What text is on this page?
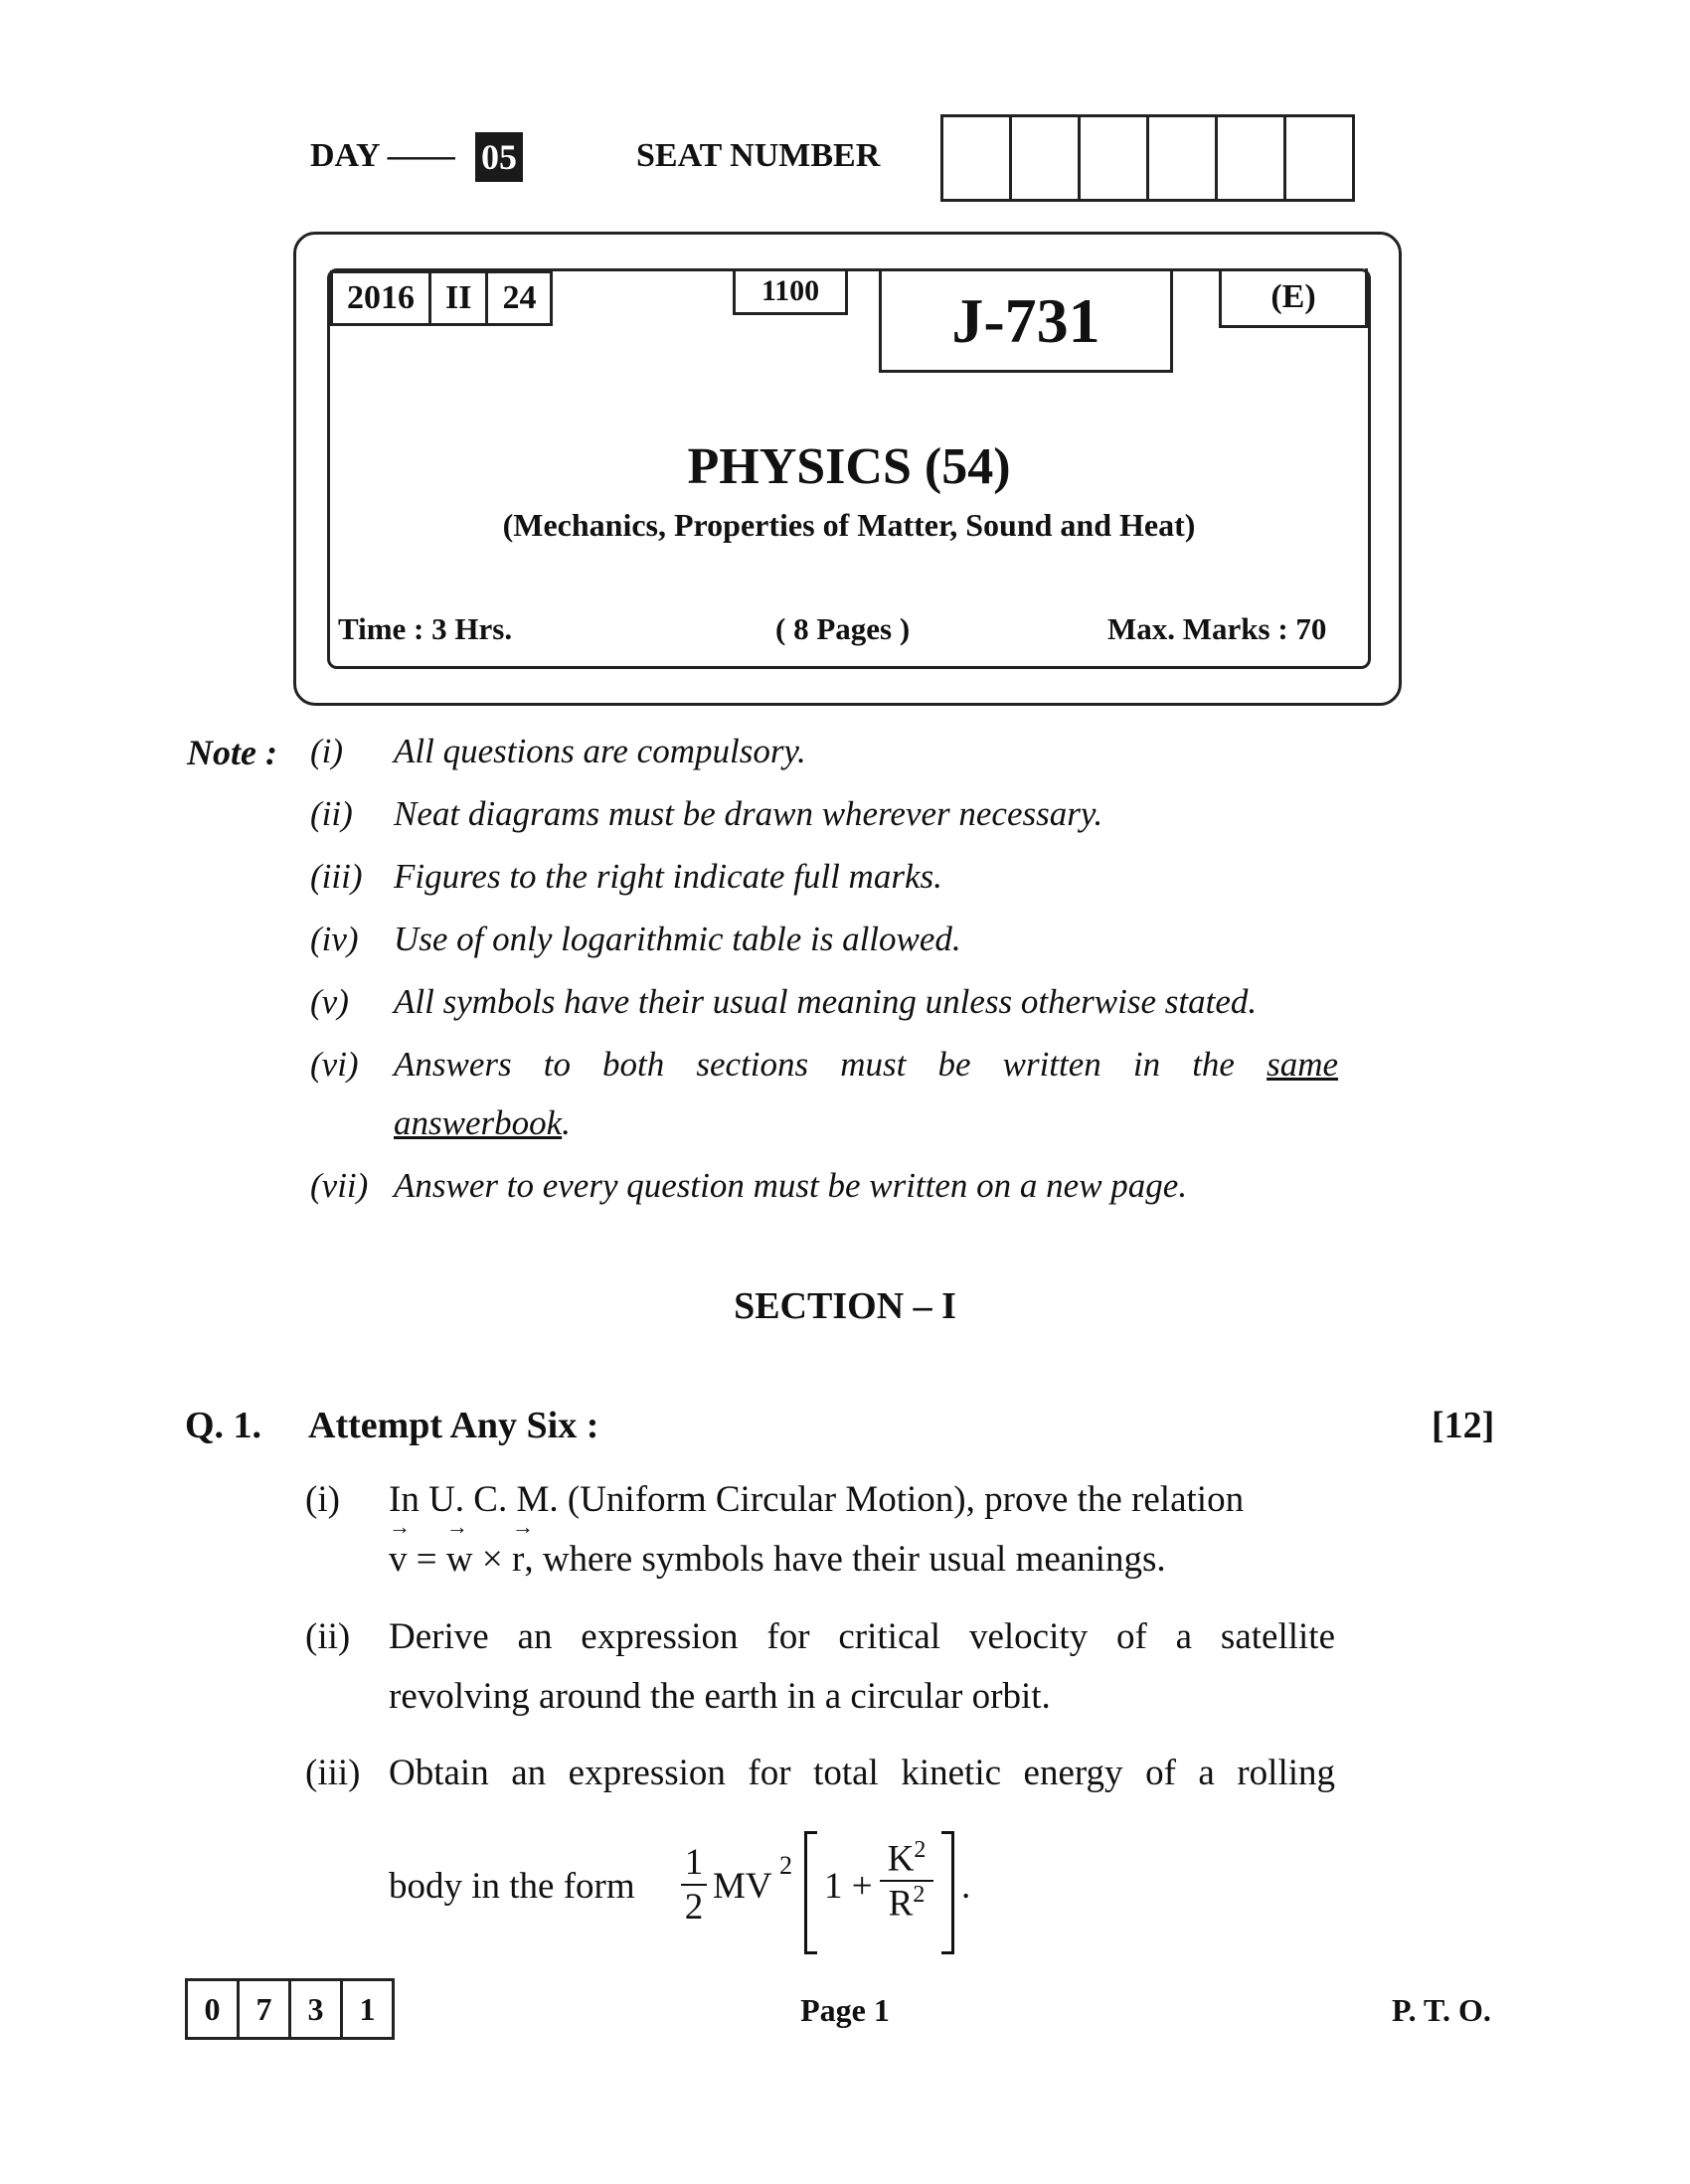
DAY —— 05	SEAT NUMBER
2016 II 24	1100	J-731	(E)
PHYSICS (54)
(Mechanics, Properties of Matter, Sound and Heat)
Time : 3 Hrs.	( 8 Pages )	Max. Marks : 70
Note : (i) All questions are compulsory.
(ii) Neat diagrams must be drawn wherever necessary.
(iii) Figures to the right indicate full marks.
(iv) Use of only logarithmic table is allowed.
(v) All symbols have their usual meaning unless otherwise stated.
(vi) Answers to both sections must be written in the same
answerbook.
(vii) Answer to every question must be written on a new page.
SECTION – I
Q. 1. Attempt Any Six :	[12]
(i) In U. C. M. (Uniform Circular Motion), prove the relation
→ v = → w × → r, where symbols have their usual meanings.
(ii) Derive an expression for critical velocity of a satellite
revolving around the earth in a circular orbit.
(iii) Obtain an expression for total kinetic energy of a rolling
body in the form $\frac{1}{2}$ MV
2
$1 + \frac{K^2}{R^2}$ .
0	7	3	1	Page 1	P. T. O.
